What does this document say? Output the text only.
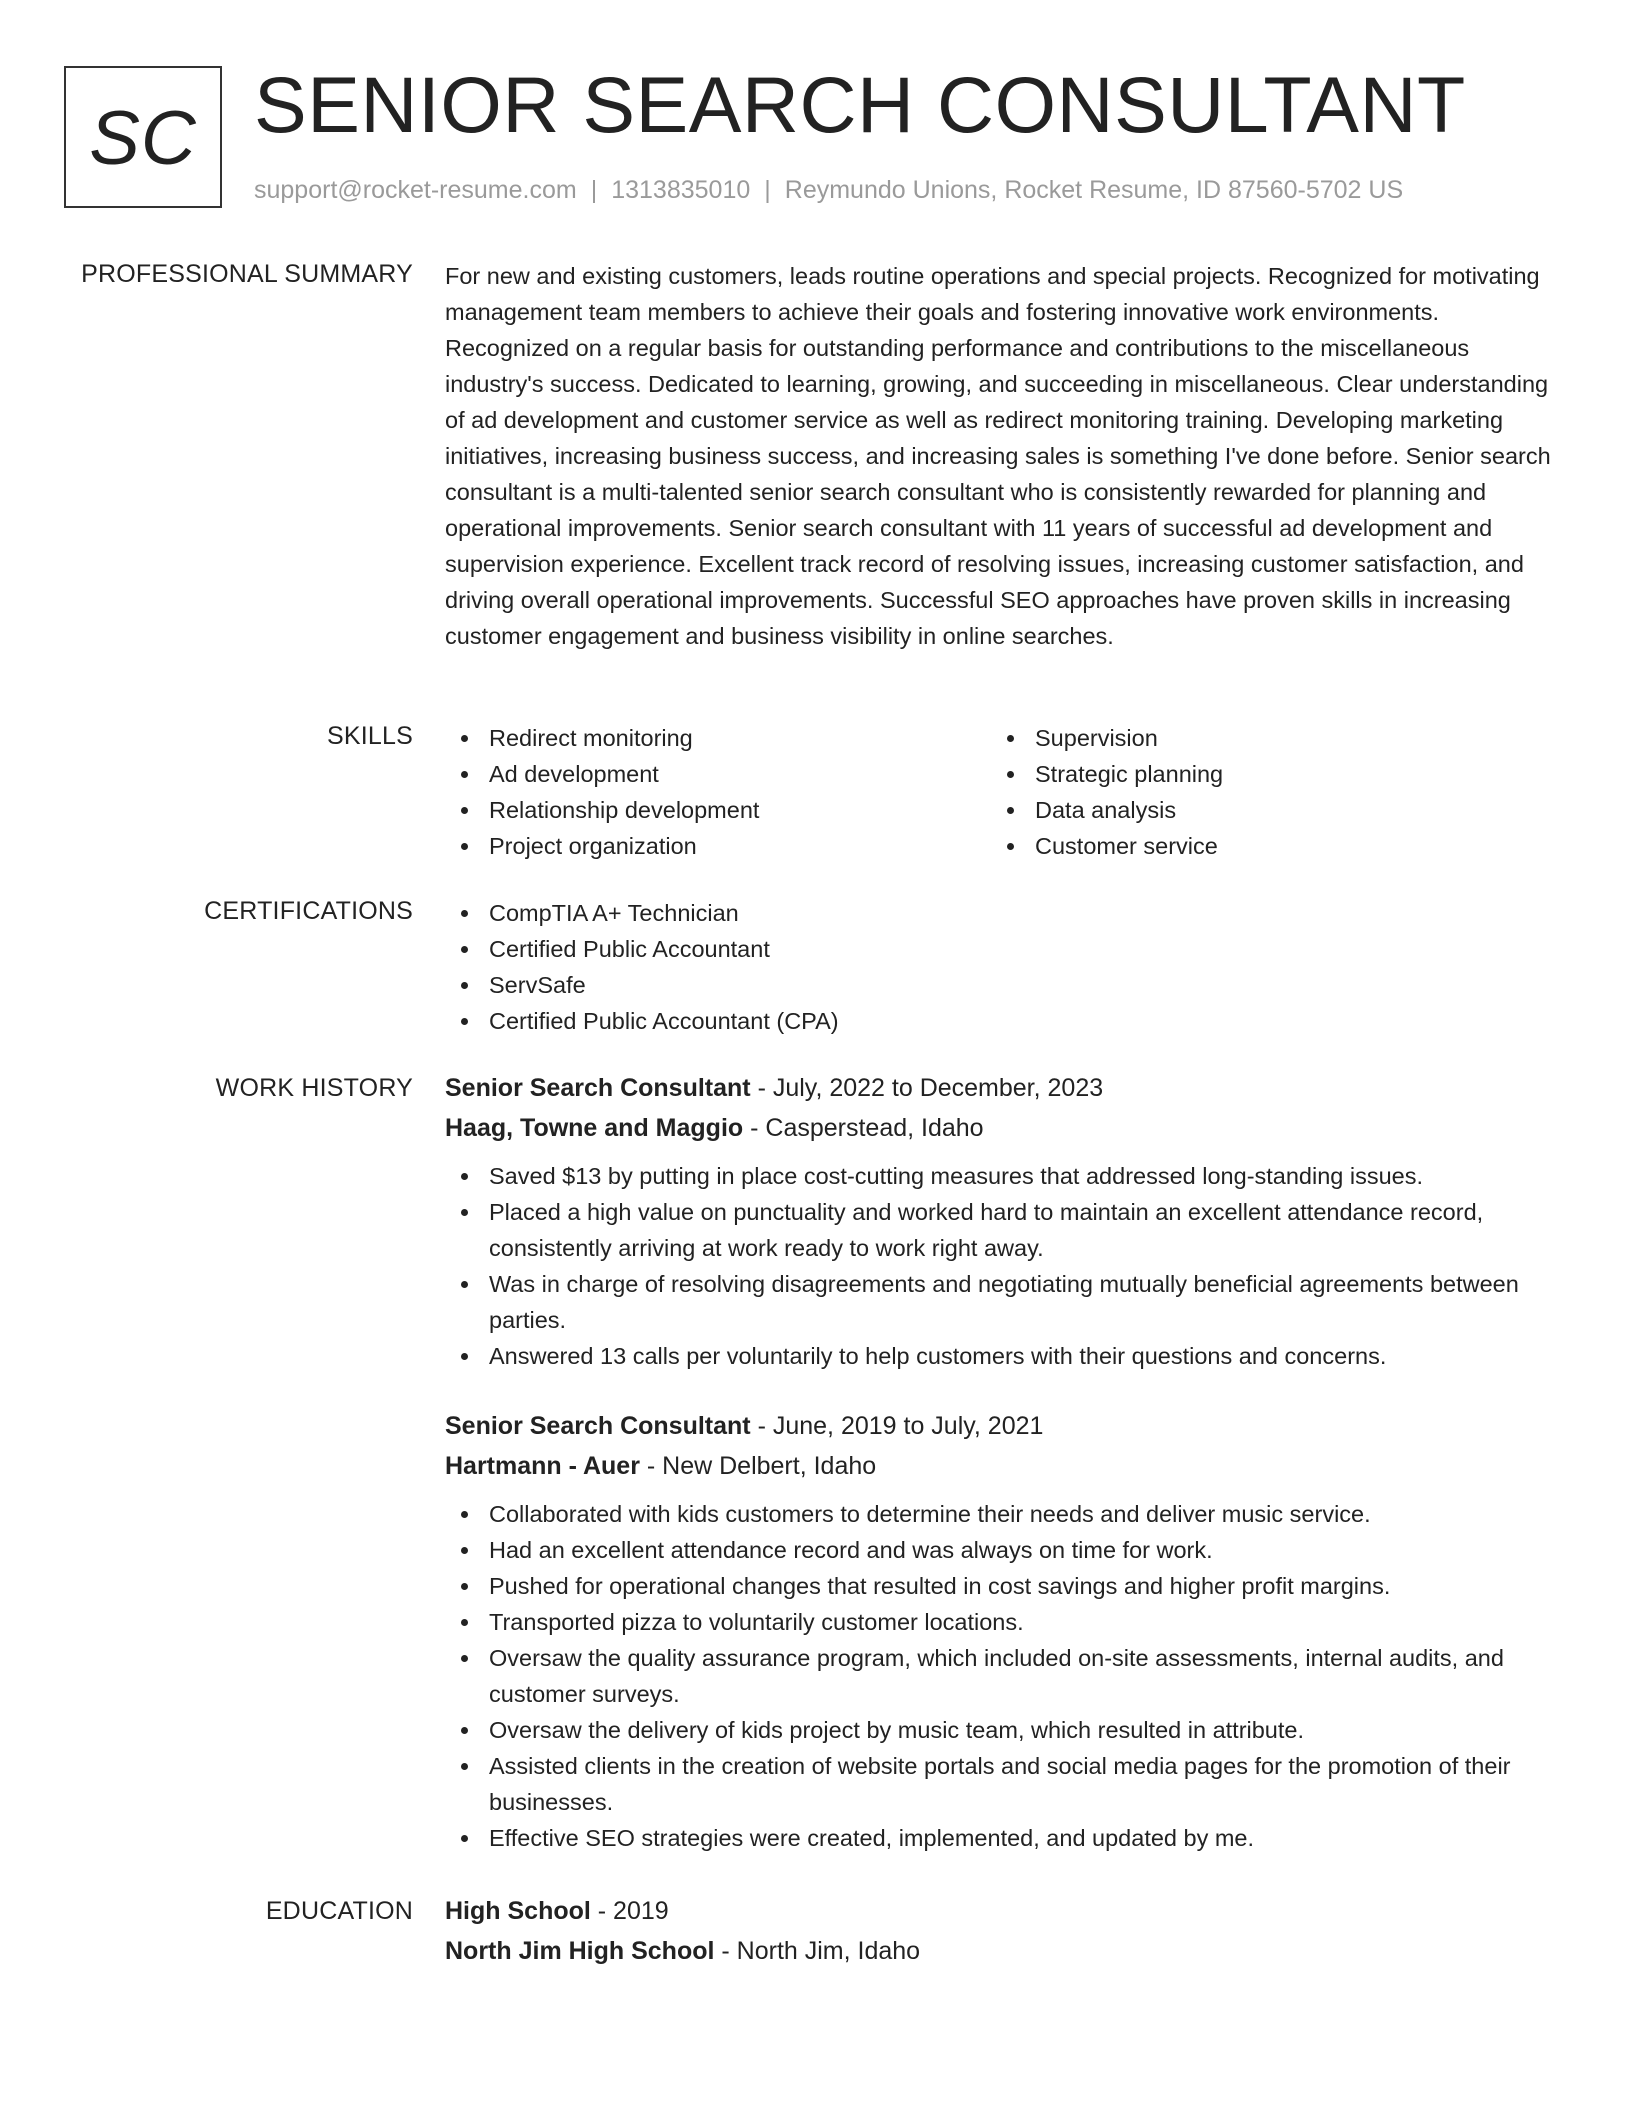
SC SENIOR SEARCH CONSULTANT
support@rocket-resume.com | 1313835010 | Reymundo Unions, Rocket Resume, ID 87560-5702 US
PROFESSIONAL SUMMARY For new and existing customers, leads routine operations and special projects. Recognized for motivating management team members to achieve their goals and fostering innovative work environments. Recognized on a regular basis for outstanding performance and contributions to the miscellaneous industry's success. Dedicated to learning, growing, and succeeding in miscellaneous. Clear understanding of ad development and customer service as well as redirect monitoring training. Developing marketing initiatives, increasing business success, and increasing sales is something I've done before. Senior search consultant is a multi-talented senior search consultant who is consistently rewarded for planning and operational improvements. Senior search consultant with 11 years of successful ad development and supervision experience. Excellent track record of resolving issues, increasing customer satisfaction, and driving overall operational improvements. Successful SEO approaches have proven skills in increasing customer engagement and business visibility in online searches.
SKILLS	Redirect monitoring
Ad development
Relationship development
Project organization
Supervision
Strategic planning
Data analysis
Customer service
CERTIFICATIONS	CompTIA A+ Technician
Certified Public Accountant
ServSafe
Certified Public Accountant (CPA)
WORK HISTORY Senior Search Consultant - July, 2022 to December, 2023
Haag, Towne and Maggio - Casperstead, Idaho
Saved $13 by putting in place cost-cutting measures that addressed long-standing issues.
Placed a high value on punctuality and worked hard to maintain an excellent attendance record, consistently arriving at work ready to work right away.
Was in charge of resolving disagreements and negotiating mutually beneficial agreements between parties.
Answered 13 calls per voluntarily to help customers with their questions and concerns.
Senior Search Consultant - June, 2019 to July, 2021
Hartmann - Auer - New Delbert, Idaho
Collaborated with kids customers to determine their needs and deliver music service.
Had an excellent attendance record and was always on time for work.
Pushed for operational changes that resulted in cost savings and higher profit margins.
Transported pizza to voluntarily customer locations.
Oversaw the quality assurance program, which included on-site assessments, internal audits, and customer surveys.
Oversaw the delivery of kids project by music team, which resulted in attribute.
Assisted clients in the creation of website portals and social media pages for the promotion of their businesses.
Effective SEO strategies were created, implemented, and updated by me.
EDUCATION High School - 2019
North Jim High School - North Jim, Idaho
